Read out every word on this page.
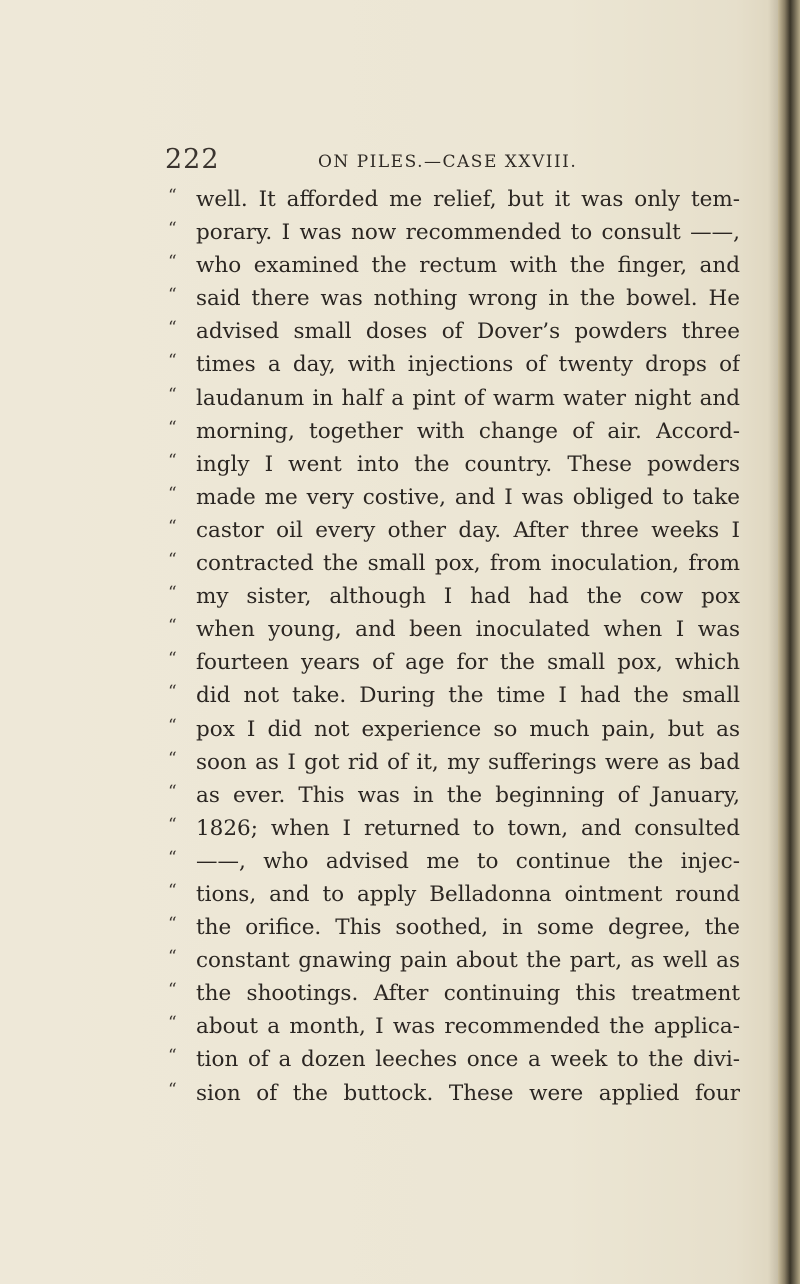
222	ON PILES.—CASE XXVIII.
“ well. It afforded me relief, but it was only tem-
“ porary. I was now recommended to consult ——,
“ who examined the rectum with the finger, and
“ said there was nothing wrong in the bowel. He
“ advised small doses of Dover’s powders three
“ times a day, with injections of twenty drops of
“ laudanum in half a pint of warm water night and
“ morning, together with change of air. Accord-
“ ingly I went into the country. These powders
“ made me very costive, and I was obliged to take
“ castor oil every other day. After three weeks I
“ contracted the small pox, from inoculation, from
“ my sister, although I had had the cow pox
“ when young, and been inoculated when I was
“ fourteen years of age for the small pox, which
“ did not take. During the time I had the small
“ pox I did not experience so much pain, but as
“ soon as I got rid of it, my sufferings were as bad
“ as ever. This was in the beginning of January,
“ 1826; when I returned to town, and consulted
“ ——, who advised me to continue the injec-
“ tions, and to apply Belladonna ointment round
“ the orifice. This soothed, in some degree, the
“ constant gnawing pain about the part, as well as
“ the shootings. After continuing this treatment
“ about a month, I was recommended the applica-
“ tion of a dozen leeches once a week to the divi-
“ sion of the buttock. These were applied four
